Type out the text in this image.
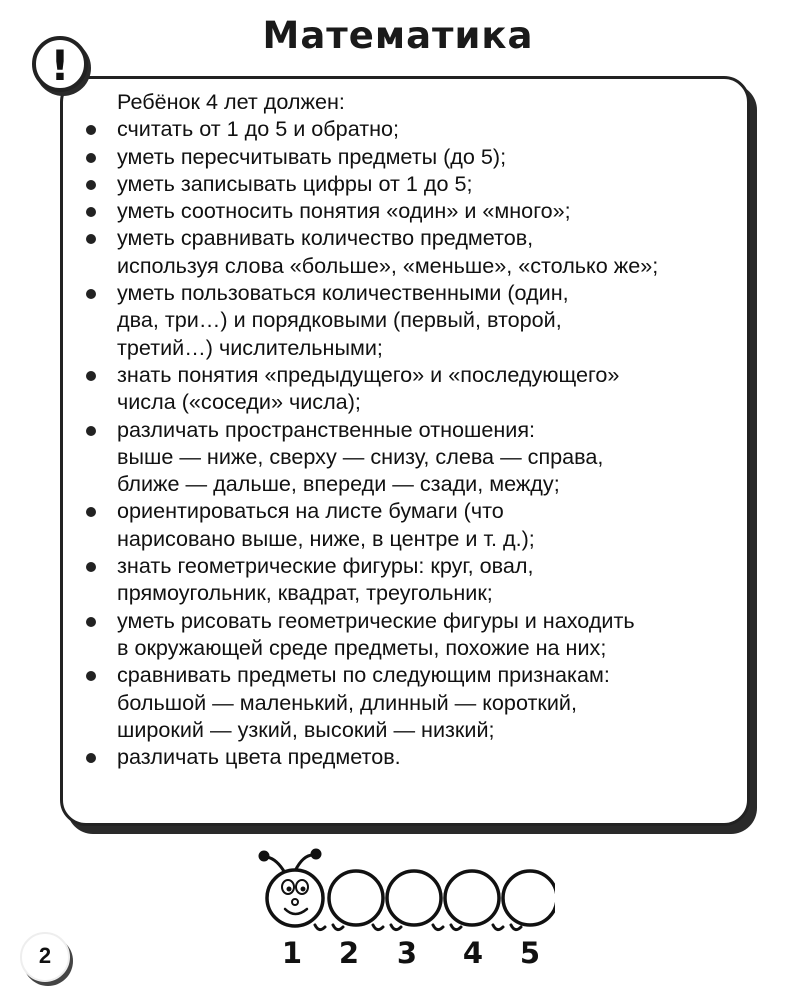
Математика
!

Ребёнок 4 лет должен:

считать от 1 до 5 и обратно;
уметь пересчитывать предметы (до 5);
уметь записывать цифры от 1 до 5;
уметь соотносить понятия «один» и «много»;
уметь сравнивать количество предметов,
используя слова «больше», «меньше», «столько же»;
уметь пользоваться количественными (один,
два, три…) и порядковыми (первый, второй,
третий…) числительными;
знать понятия «предыдущего» и «последующего»
числа («соседи» числа);
различать пространственные отношения:
выше — ниже, сверху — снизу, слева — справа,
ближе — дальше, впереди — сзади, между;
ориентироваться на листе бумаги (что
нарисовано выше, ниже, в центре и т. д.);
знать геометрические фигуры: круг, овал,
прямоугольник, квадрат, треугольник;
уметь рисовать геометрические фигуры и находить
в окружающей среде предметы, похожие на них;
сравнивать предметы по следующим признакам:
большой — маленький, длинный — короткий,
широкий — узкий, высокий — низкий;
различать цвета предметов.
1 2 3 4 5
2
